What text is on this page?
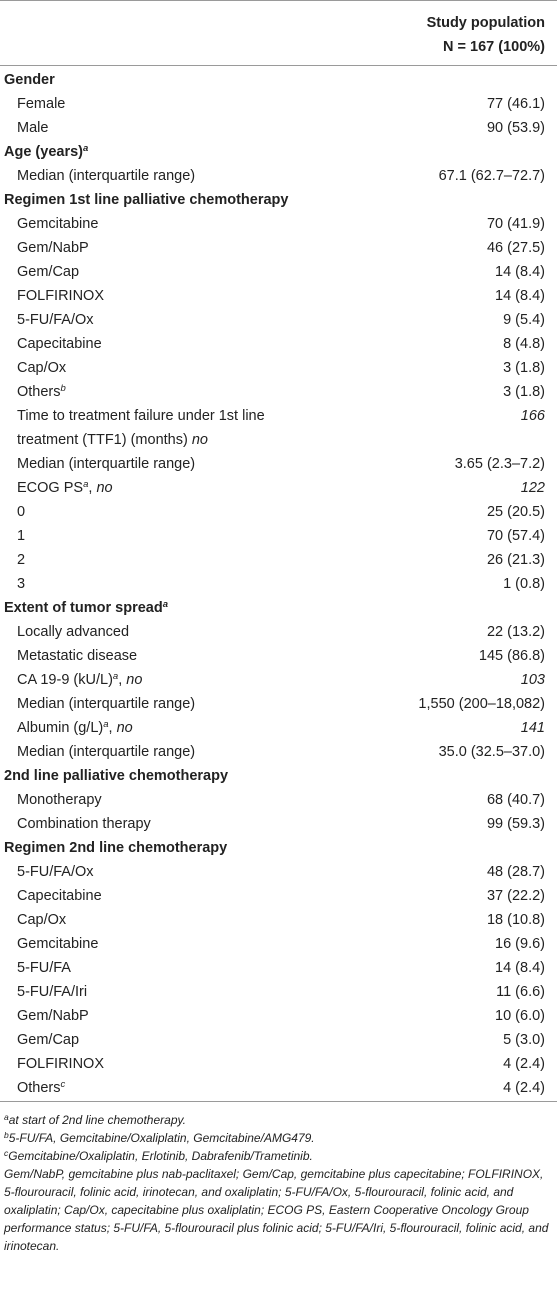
Study population
N = 167 (100%)
Gender
Female	77 (46.1)
Male	90 (53.9)
Age (years)$^a$
Median (interquartile range)	67.1 (62.7–72.7)
Regimen 1st line palliative chemotherapy
Gemcitabine	70 (41.9)
Gem/NabP	46 (27.5)
Gem/Cap	14 (8.4)
FOLFIRINOX	14 (8.4)
5-FU/FA/Ox	9 (5.4)
Capecitabine	8 (4.8)
Cap/Ox	3 (1.8)
Others$^b$	3 (1.8)
Time to treatment failure under 1st line	166
treatment (TTF1) (months) no
Median (interquartile range)	3.65 (2.3–7.2)
ECOG $PS^a$, no	122
0	25 (20.5)
1	70 (57.4)
2	26 (21.3)
3	1 (0.8)
Extent of tumor spread$^a$
Locally advanced	22 (13.2)
Metastatic disease	145 (86.8)
CA 19-9 $(kU/L)^a$, no	103
Median (interquartile range)	1,550 (200–18,082)
Albumin $(g/L)^a$, no	141
Median (interquartile range)	35.0 (32.5–37.0)
2nd line palliative chemotherapy
Monotherapy	68 (40.7)
Combination therapy	99 (59.3)
Regimen 2nd line chemotherapy
5-FU/FA/Ox	48 (28.7)
Capecitabine	37 (22.2)
Cap/Ox	18 (10.8)
Gemcitabine	16 (9.6)
5-FU/FA	14 (8.4)
5-FU/FA/Iri	11 (6.6)
Gem/NabP	10 (6.0)
Gem/Cap	5 (3.0)
FOLFIRINOX	4 (2.4)
Others$^c$	4 (2.4)

$^a$at start of 2nd line chemotherapy.

$^b$5-FU/FA, Gemcitabine/Oxaliplatin, Gemcitabine/AMG479.

$^c$Gemcitabine/Oxaliplatin, Erlotinib, Dabrafenib/Trametinib.

Gem/NabP, gemcitabine plus nab-paclitaxel; Gem/Cap, gemcitabine plus capecitabine; FOLFIRINOX, 5-flourouracil, folinic acid, irinotecan, and oxaliplatin; 5-FU/FA/Ox, 5-flourouracil, folinic acid, and oxaliplatin; Cap/Ox, capecitabine plus oxaliplatin; ECOG PS, Eastern Cooperative Oncology Group performance status; 5-FU/FA, 5-flourouracil plus folinic acid; 5-FU/FA/Iri, 5-flourouracil, folinic acid, and irinotecan.
